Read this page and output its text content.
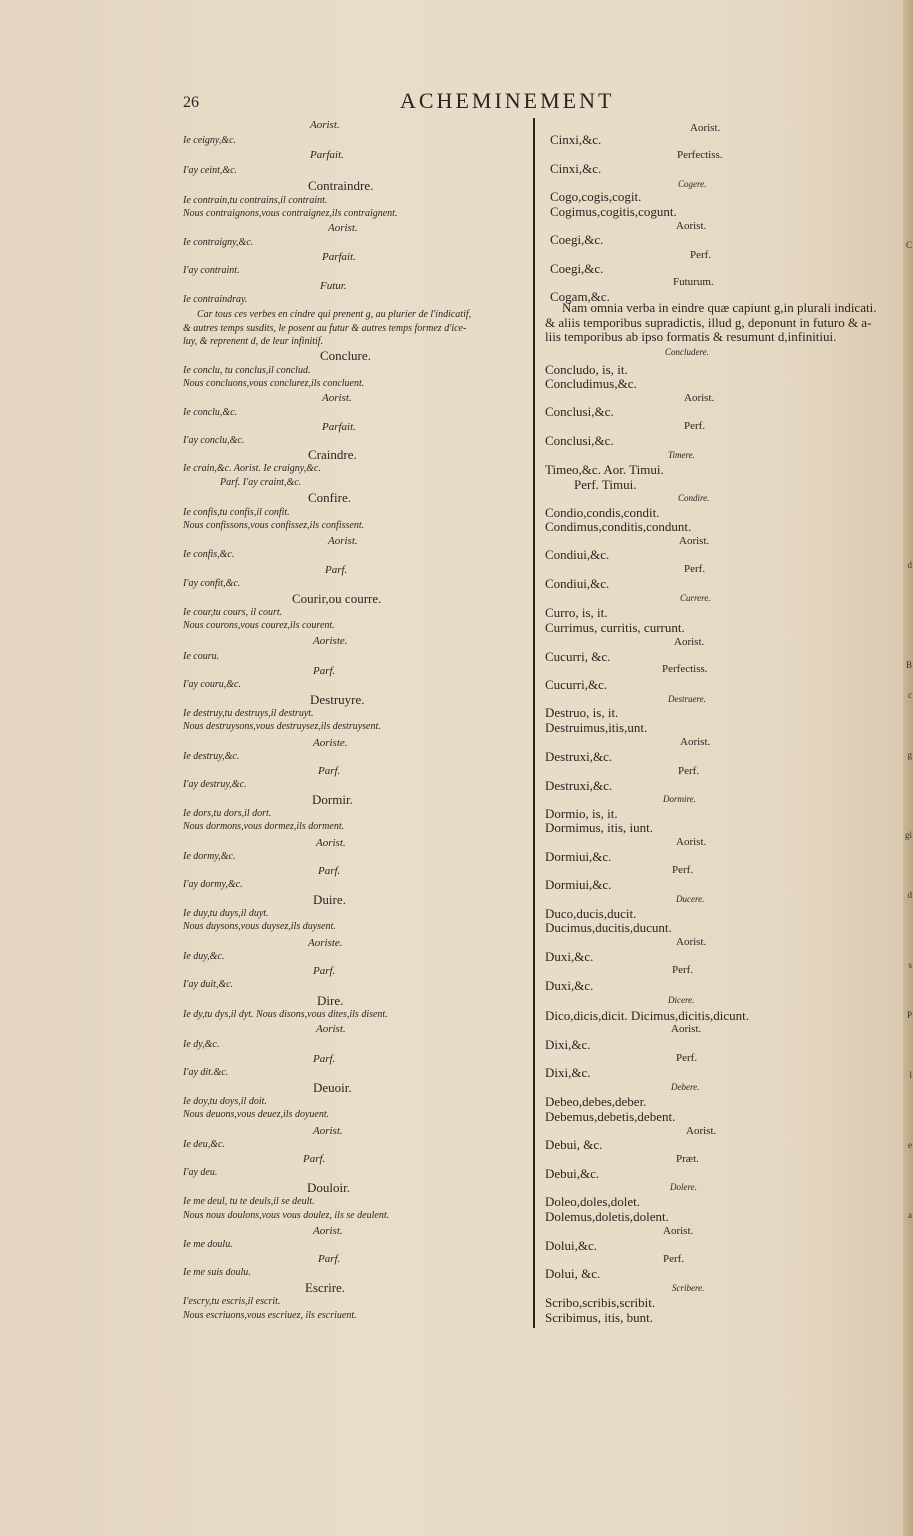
C
d
B
c
g
gi
d
s
P
l
e
a
26	ACHEMINEMENT
Aorist.
Ie ceigny,&c.
Parfait.
I'ay ceint,&c.
Contraindre.
Ie contrain,tu contrains,il contraint.
Nous contraignons,vous contraignez,ils contraignent.
Aorist.
Ie contraigny,&c.
Parfait.
I'ay contraint.
Futur.
Ie contraindray.
Car tous ces verbes en cindre qui prenent g, au plurier de l'indicatif,
& autres temps susdits, le posent au futur & autres temps formez d'ice-
luy, & reprenent d, de leur infinitif.
Conclure.
Ie conclu, tu conclus,il conclud.
Nous concluons,vous conclurez,ils concluent.
Aorist.
Ie conclu,&c.
Parfait.
I'ay conclu,&c.
Craindre.
Ie crain,&c. Aorist. Ie craigny,&c.
Parf. I'ay craint,&c.
Confire.
Ie confis,tu confis,il confit.
Nous confissons,vous confissez,ils confissent.
Aorist.
Ie confis,&c.
Parf.
I'ay confit,&c.
Courir,ou courre.
Ie cour,tu cours, il court.
Nous courons,vous courez,ils courent.
Aoriste.
Ie couru.
Parf.
I'ay couru,&c.
Destruyre.
Ie destruy,tu destruys,il destruyt.
Nous destruysons,vous destruysez,ils destruysent.
Aoriste.
Ie destruy,&c.
Parf.
I'ay destruy,&c.
Dormir.
Ie dors,tu dors,il dort.
Nous dormons,vous dormez,ils dorment.
Aorist.
Ie dormy,&c.
Parf.
I'ay dormy,&c.
Duire.
Ie duy,tu duys,il duyt.
Nous duysons,vous duysez,ils duysent.
Aoriste.
Ie duy,&c.
Parf.
I'ay duit,&c.
Dire.
Ie dy,tu dys,il dyt. Nous disons,vous dites,ils disent.
Aorist.
Ie dy,&c.
Parf.
I'ay dit.&c.
Deuoir.
Ie doy,tu doys,il doit.
Nous deuons,vous deuez,ils doyuent.
Aorist.
Ie deu,&c.
Parf.
I'ay deu.
Douloir.
Ie me deul, tu te deuls,il se deult.
Nous nous doulons,vous vous doulez, ils se deulent.
Aorist.
Ie me doulu.
Parf.
Ie me suis doulu.
Escrire.
I'escry,tu escris,il escrit.
Nous escriuons,vous escriuez, ils escriuent.
Aorist.
Cinxi,&c.
Perfectiss.
Cinxi,&c.
Cogere.
Cogo,cogis,cogit.
Cogimus,cogitis,cogunt.
Aorist.
Coegi,&c.
Perf.
Coegi,&c.
Futurum.
Cogam,&c.
Nam omnia verba in eindre quæ capiunt g,in plurali indicati.
& aliis temporibus supradictis, illud g, deponunt in futuro & a-
liis temporibus ab ipso formatis & resumunt d,infinitiui.
Concludere.
Concludo, is, it.
Concludimus,&c.
Aorist.
Conclusi,&c.
Perf.
Conclusi,&c.
Timere.
Timeo,&c. Aor. Timui.
Perf. Timui.
Condire.
Condio,condis,condit.
Condimus,conditis,condunt.
Aorist.
Condiui,&c.
Perf.
Condiui,&c.
Currere.
Curro, is, it.
Currimus, curritis, currunt.
Aorist.
Cucurri, &c.
Perfectiss.
Cucurri,&c.
Destruere.
Destruo, is, it.
Destruimus,itis,unt.
Aorist.
Destruxi,&c.
Perf.
Destruxi,&c.
Dormire.
Dormio, is, it.
Dormimus, itis, iunt.
Aorist.
Dormiui,&c.
Perf.
Dormiui,&c.
Ducere.
Duco,ducis,ducit.
Ducimus,ducitis,ducunt.
Aorist.
Duxi,&c.
Perf.
Duxi,&c.
Dicere.
Dico,dicis,dicit. Dicimus,dicitis,dicunt.
Aorist.
Dixi,&c.
Perf.
Dixi,&c.
Debere.
Debeo,debes,deber.
Debemus,debetis,debent.
Aorist.
Debui, &c.
Præt.
Debui,&c.
Dolere.
Doleo,doles,dolet.
Dolemus,doletis,dolent.
Aorist.
Dolui,&c.
Perf.
Dolui, &c.
Scribere.
Scribo,scribis,scribit.
Scribimus, itis, bunt.
